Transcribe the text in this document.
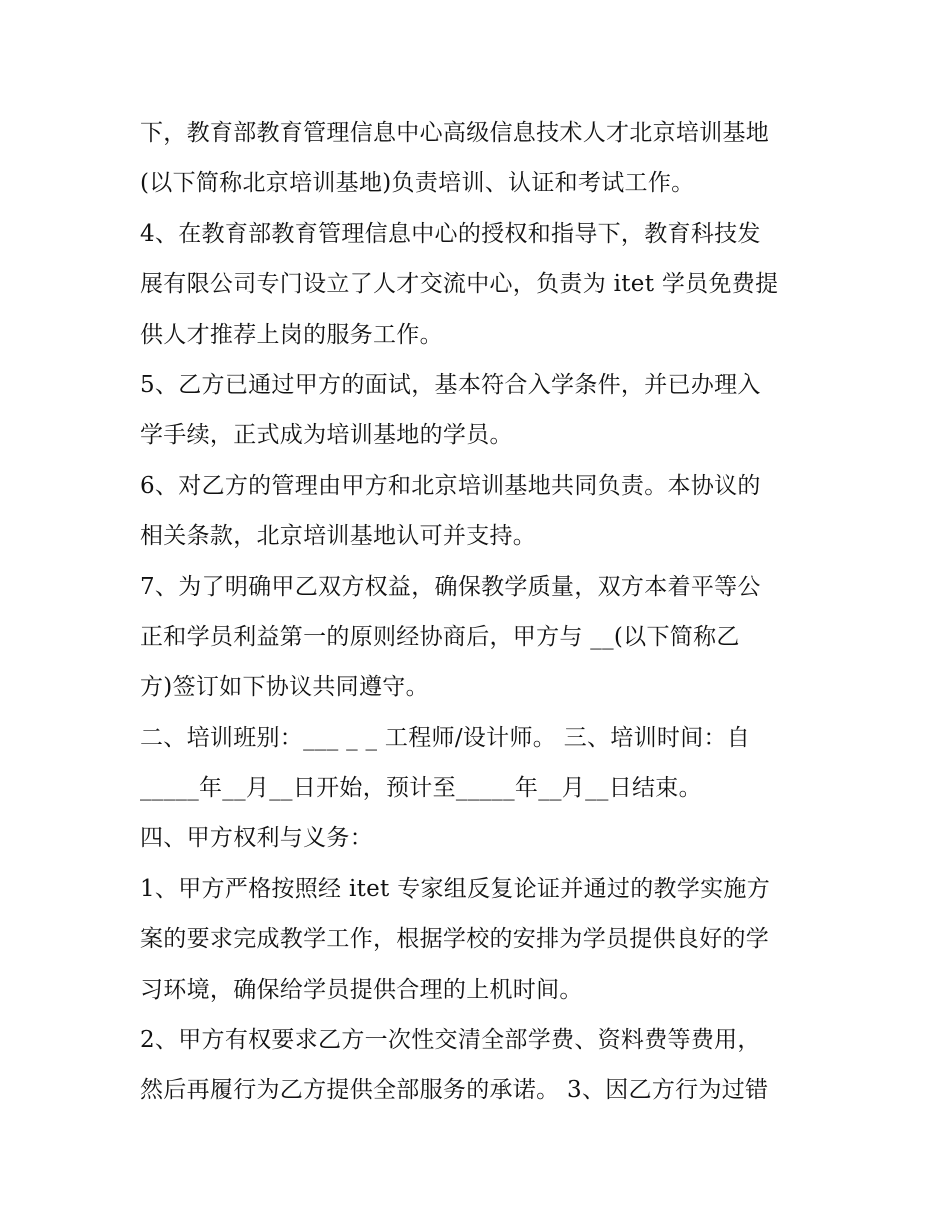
下，教育部教育管理信息中心高级信息技术人才北京培训基地
(以下简称北京培训基地)负责培训、认证和考试工作。
4、在教育部教育管理信息中心的授权和指导下，教育科技发
展有限公司专门设立了人才交流中心，负责为 itet 学员免费提
供人才推荐上岗的服务工作。
5、乙方已通过甲方的面试，基本符合入学条件，并已办理入
学手续，正式成为培训基地的学员。
6、对乙方的管理由甲方和北京培训基地共同负责。本协议的
相关条款，北京培训基地认可并支持。
7、为了明确甲乙双方权益，确保教学质量，双方本着平等公
正和学员利益第一的原则经协商后，甲方与 __(以下简称乙
方)签订如下协议共同遵守。
二、培训班别：___ _ _ 工程师/设计师。 三、培训时间：自
_____年__月__日开始，预计至_____年__月__日结束。
四、甲方权利与义务：
1、甲方严格按照经 itet 专家组反复论证并通过的教学实施方
案的要求完成教学工作，根据学校的安排为学员提供良好的学
习环境，确保给学员提供合理的上机时间。
2、甲方有权要求乙方一次性交清全部学费、资料费等费用，
然后再履行为乙方提供全部服务的承诺。 3、因乙方行为过错
